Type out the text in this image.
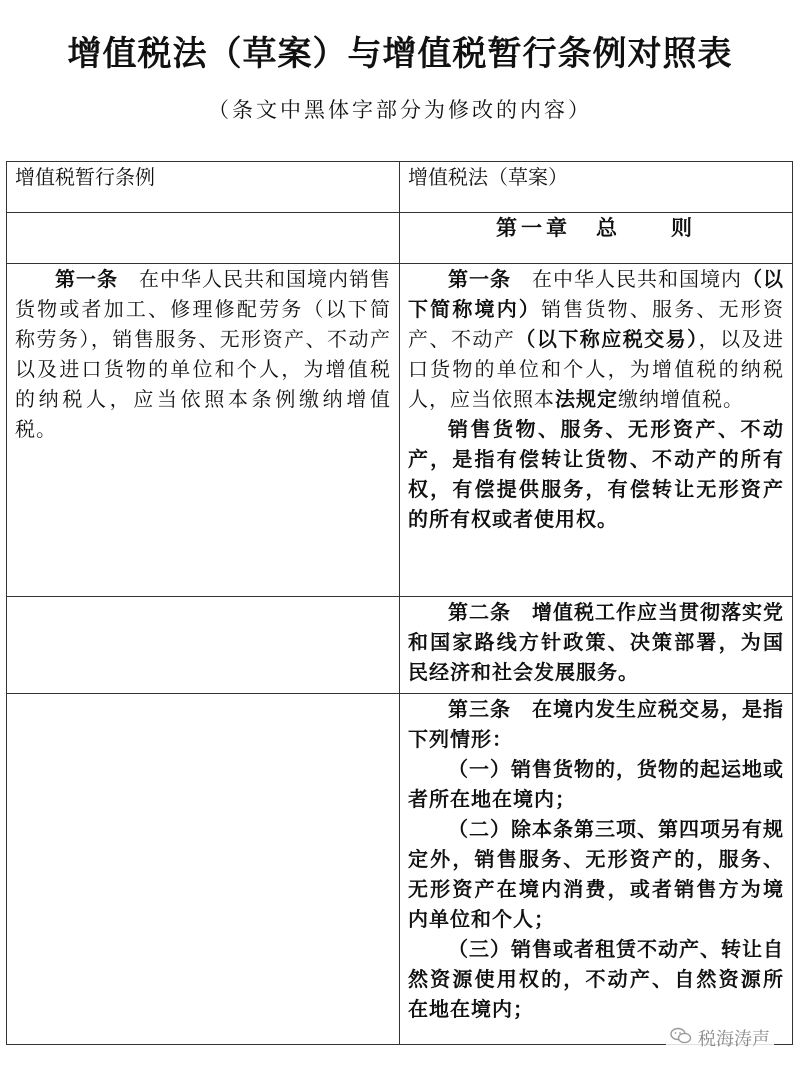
增值税法（草案）与增值税暂行条例对照表
（条文中黑体字部分为修改的内容）
增值税暂行条例	增值税法（草案）

	第一章　总　　则

第一条　在中华人民共和国境内销售货物或者加工、修理修配劳务（以下简称劳务），销售服务、无形资产、不动产以及进口货物的单位和个人，为增值税的纳税人，应当依照本条例缴纳增值税。	第一条　在中华人民共和国境内（以下简称境内）销售货物、服务、无形资产、不动产（以下称应税交易），以及进口货物的单位和个人，为增值税的纳税人，应当依照本法规定缴纳增值税。

销售货物、服务、无形资产、不动产，是指有偿转让货物、不动产的所有权，有偿提供服务，有偿转让无形资产的所有权或者使用权。

	第二条　增值税工作应当贯彻落实党和国家路线方针政策、决策部署，为国民经济和社会发展服务。

	第三条　在境内发生应税交易，是指下列情形：

（一）销售货物的，货物的起运地或者所在地在境内；

（二）除本条第三项、第四项另有规定外，销售服务、无形资产的，服务、无形资产在境内消费，或者销售方为境内单位和个人；

（三）销售或者租赁不动产、转让自然资源使用权的，不动产、自然资源所在地在境内；

税海涛声
